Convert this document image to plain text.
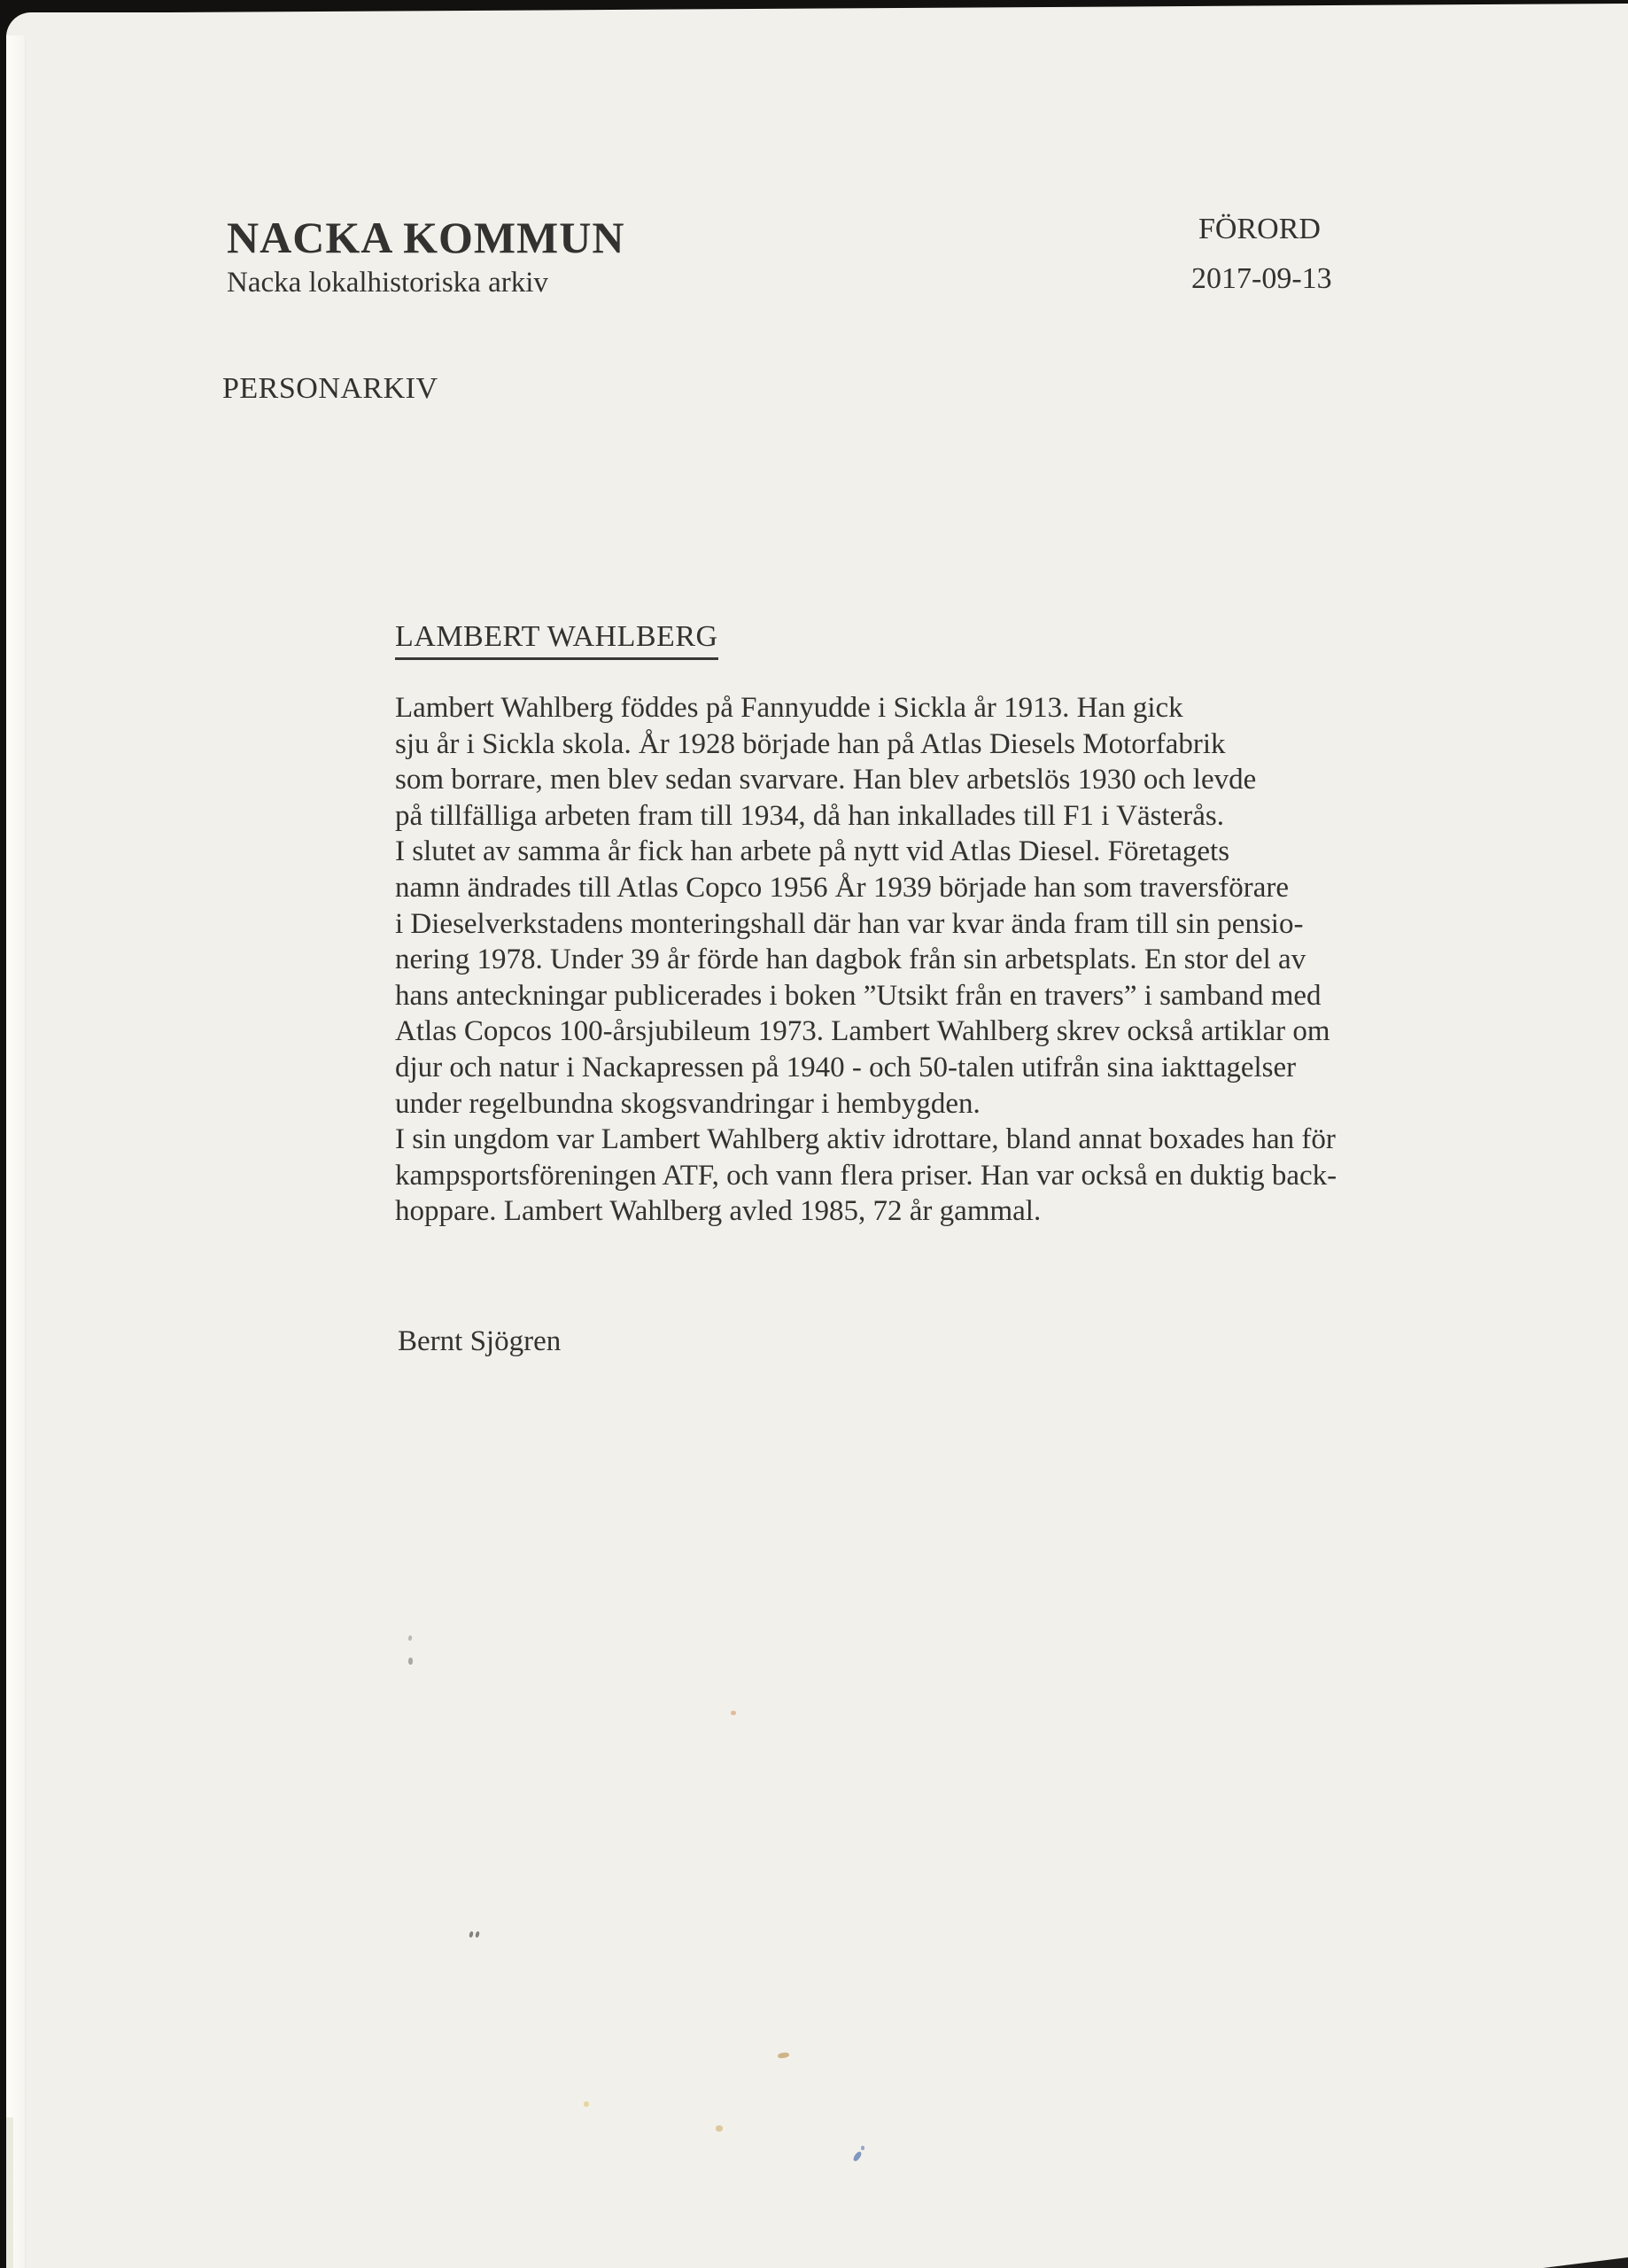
NACKA KOMMUN
Nacka lokalhistoriska arkiv
FÖRORD
2017-09-13
PERSONARKIV
LAMBERT WAHLBERG
Lambert Wahlberg föddes på Fannyudde i Sickla år 1913. Han gick
sju år i Sickla skola. År 1928 började han på Atlas Diesels Motorfabrik
som borrare, men blev sedan svarvare. Han blev arbetslös 1930 och levde
på tillfälliga arbeten fram till 1934, då han inkallades till F1 i Västerås.
I slutet av samma år fick han arbete på nytt vid Atlas Diesel. Företagets
namn ändrades till Atlas Copco 1956 År 1939 började han som traversförare
i Dieselverkstadens monteringshall där han var kvar ända fram till sin pensio-
nering 1978. Under 39 år förde han dagbok från sin arbetsplats. En stor del av
hans anteckningar publicerades i boken ”Utsikt från en travers” i samband med
Atlas Copcos 100-årsjubileum 1973. Lambert Wahlberg skrev också artiklar om
djur och natur i Nackapressen på 1940 - och 50-talen utifrån sina iakttagelser
under regelbundna skogsvandringar i hembygden.
I sin ungdom var Lambert Wahlberg aktiv idrottare, bland annat boxades han för
kampsportsföreningen ATF, och vann flera priser. Han var också en duktig back-
hoppare. Lambert Wahlberg avled 1985, 72 år gammal.
Bernt Sjögren
